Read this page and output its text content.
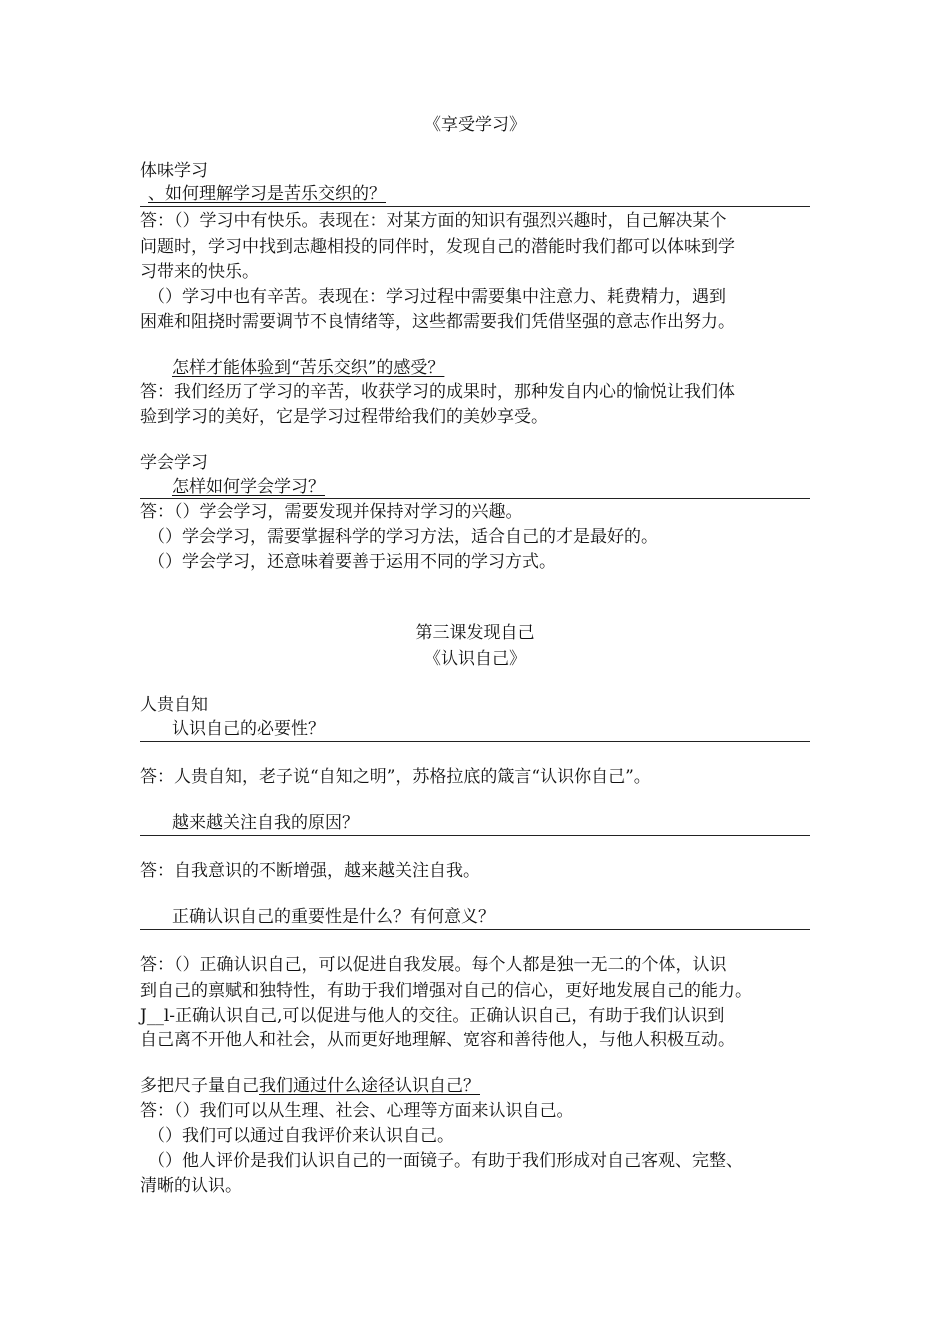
《享受学习》
体味学习
、如何理解学习是苦乐交织的？
答：（）学习中有快乐。表现在：对某方面的知识有强烈兴趣时，自己解决某个
问题时，学习中找到志趣相投的同伴时，发现自己的潜能时我们都可以体味到学
习带来的快乐。
（）学习中也有辛苦。表现在：学习过程中需要集中注意力、耗费精力，遇到
困难和阻挠时需要调节不良情绪等，这些都需要我们凭借坚强的意志作出努力。
怎样才能体验到“苦乐交织”的感受？
答：我们经历了学习的辛苦，收获学习的成果时，那种发自内心的愉悦让我们体
验到学习的美好，它是学习过程带给我们的美妙享受。
学会学习
怎样如何学会学习？
答：（）学会学习，需要发现并保持对学习的兴趣。
（）学会学习，需要掌握科学的学习方法，适合自己的才是最好的。
（）学会学习，还意味着要善于运用不同的学习方式。
第三课发现自己
《认识自己》
人贵自知
认识自己的必要性？
答：人贵自知，老子说“自知之明”，苏格拉底的箴言“认识你自己”。
越来越关注自我的原因？
答：自我意识的不断增强，越来越关注自我。
正确认识自己的重要性是什么？有何意义？
答：（）正确认识自己，可以促进自我发展。每个人都是独一无二的个体，认识
到自己的禀赋和独特性，有助于我们增强对自己的信心，更好地发展自己的能力。
J__l-正确认识自己,可以促进与他人的交往。正确认识自己，有助于我们认识到
自己离不开他人和社会，从而更好地理解、宽容和善待他人，与他人积极互动。
多把尺子量自己我们通过什么途径认识自己？
答：（）我们可以从生理、社会、心理等方面来认识自己。
（）我们可以通过自我评价来认识自己。
（）他人评价是我们认识自己的一面镜子。有助于我们形成对自己客观、完整、
清晰的认识。
